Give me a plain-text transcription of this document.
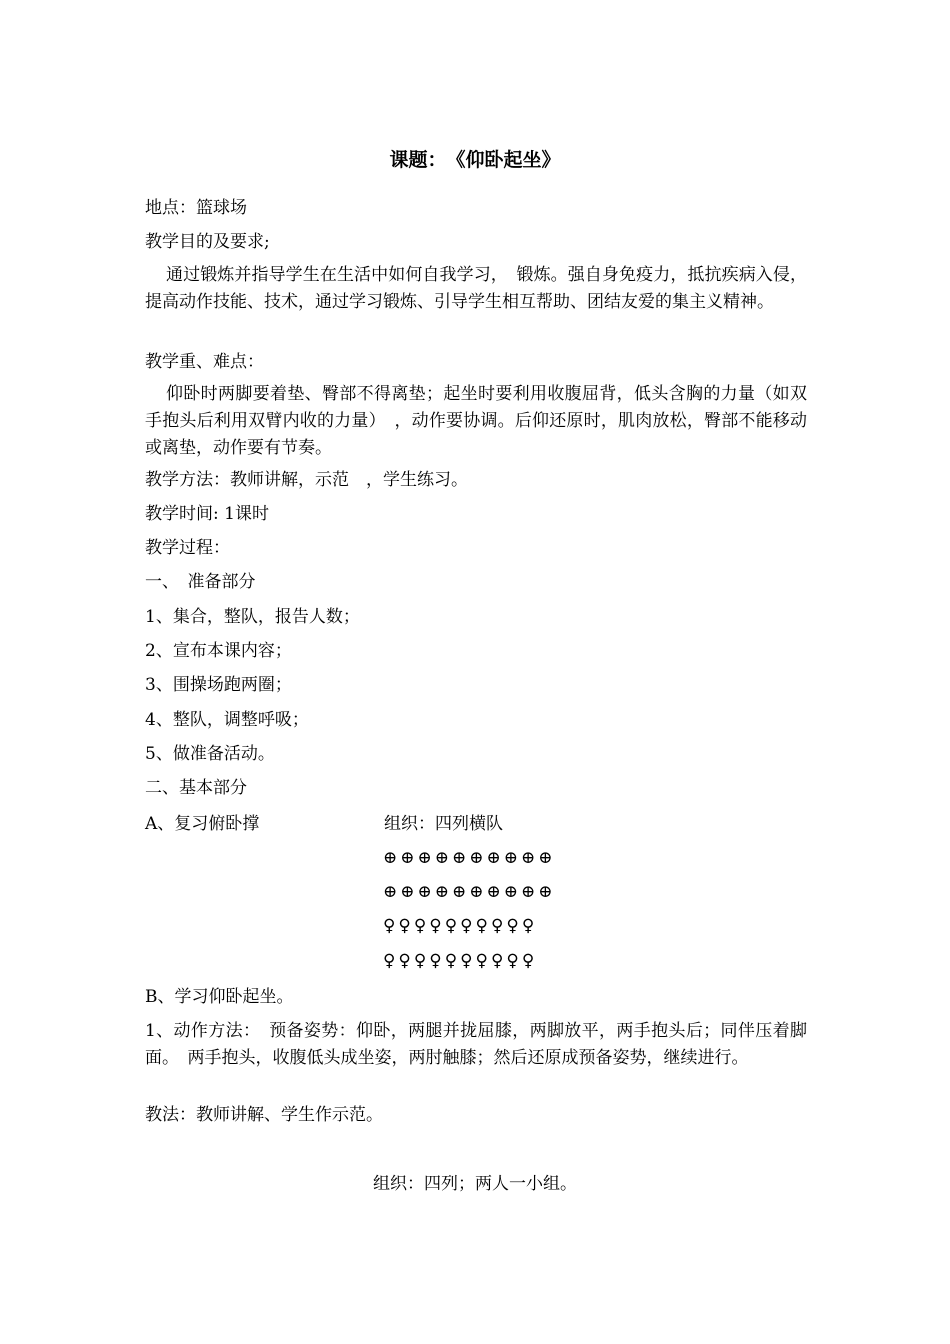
课题：　《仰卧起坐》

地点：篮球场

教学目的及要求;

通过锻炼并指导学生在生活中如何自我学习，　锻炼。强自身免疫力，抵抗疾病入侵，提高动作技能、技术，通过学习锻炼、引导学生相互帮助、团结友爱的集主义精神。

教学重、难点：

仰卧时两脚要着垫、臀部不得离垫；起坐时要利用收腹屈背，低头含胸的力量（如双手抱头后利用双臂内收的力量）　，动作要协调。后仰还原时，肌肉放松，臀部不能移动或离垫，动作要有节奏。

教学方法：教师讲解，示范　，学生练习。

教学时间: 1课时

教学过程：

一、　准备部分

1、集合，整队，报告人数；

2、宣布本课内容；

3、围操场跑两圈；

4、整队，调整呼吸；

5、做准备活动。

二、基本部分

A、复习俯卧撑	组织：四列横队

⊕⊕⊕⊕⊕⊕⊕⊕⊕⊕

⊕⊕⊕⊕⊕⊕⊕⊕⊕⊕

♀♀♀♀♀♀♀♀♀♀

♀♀♀♀♀♀♀♀♀♀

B、学习仰卧起坐。

1、动作方法：　预备姿势：仰卧，两腿并拢屈膝，两脚放平，两手抱头后；同伴压着脚面。　两手抱头，收腹低头成坐姿，两肘触膝；然后还原成预备姿势，继续进行。

教法：教师讲解、学生作示范。

组织：四列；两人一小组。
